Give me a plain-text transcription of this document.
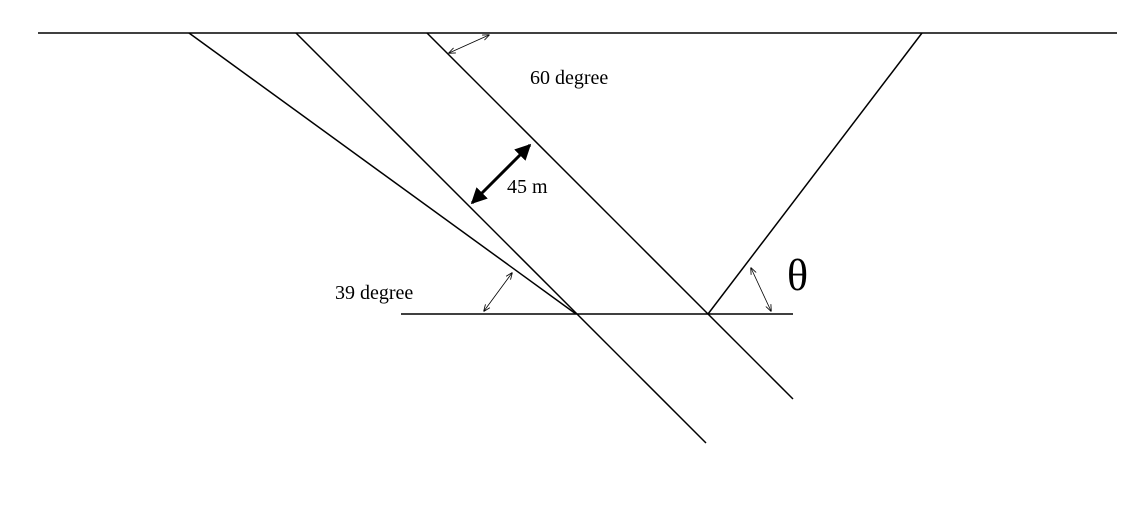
60 degree
45 m
39 degree	θ
